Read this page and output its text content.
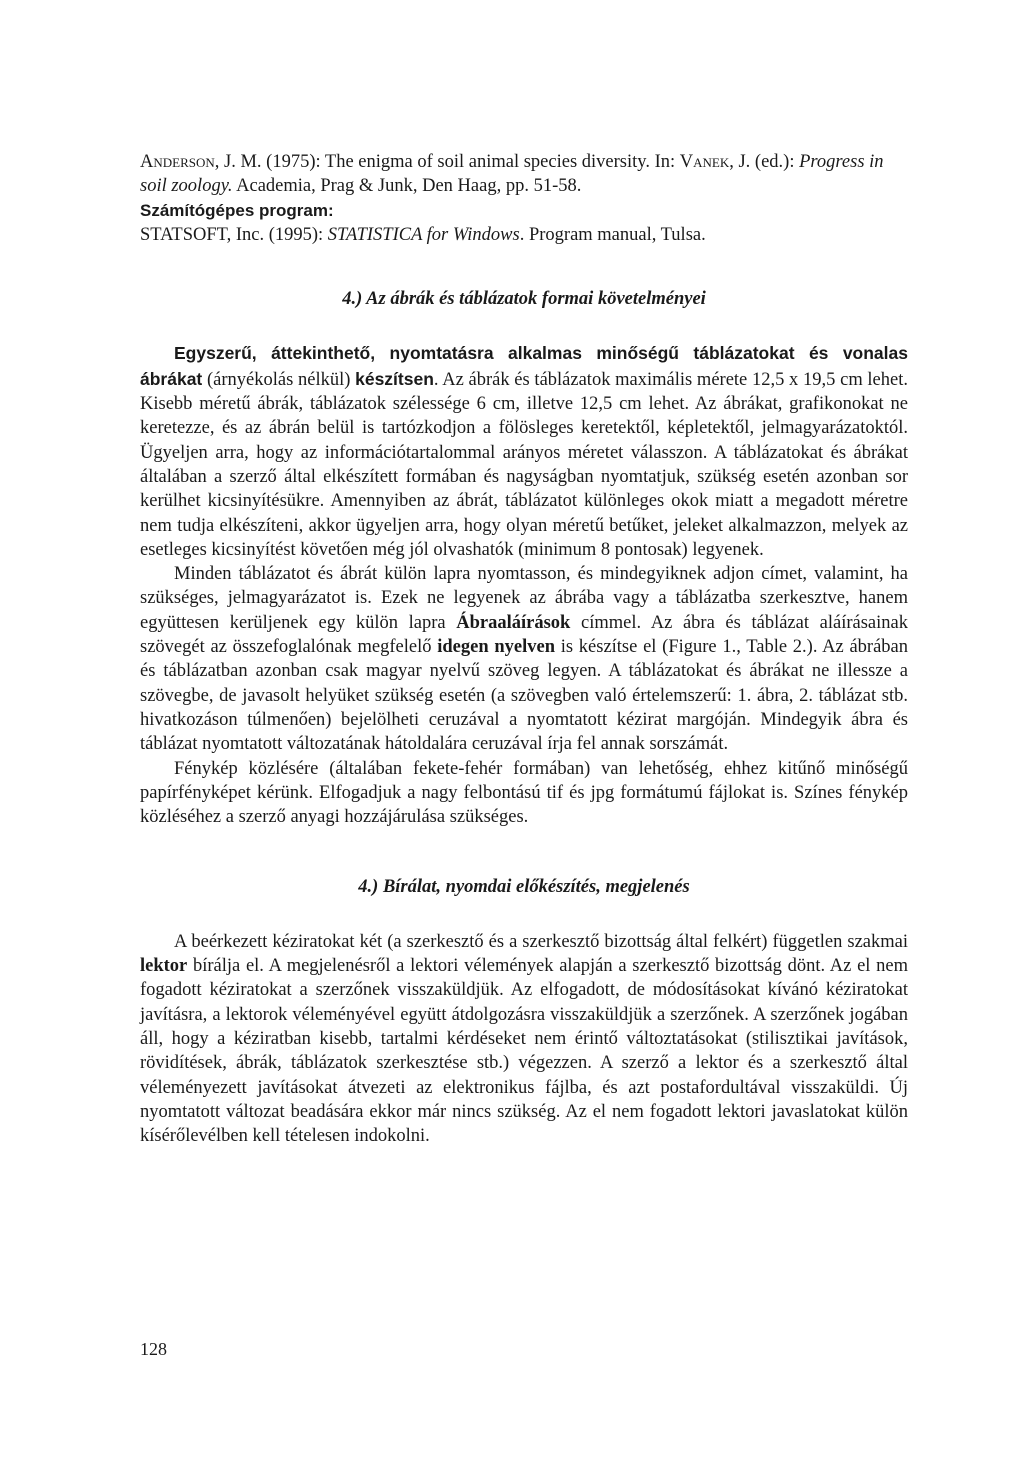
Anderson, J. M. (1975): The enigma of soil animal species diversity. In: Vanek, J. (ed.): Progress in soil zoology. Academia, Prag & Junk, Den Haag, pp. 51-58.

Számítógépes program:

STATSOFT, Inc. (1995): STATISTICA for Windows. Program manual, Tulsa.

4.) Az ábrák és táblázatok formai követelményei

Egyszerű, áttekinthető, nyomtatásra alkalmas minőségű táblázatokat és vonalas ábrákat (árnyékolás nélkül) készítsen. Az ábrák és táblázatok maximális mérete 12,5 x 19,5 cm lehet. Kisebb méretű ábrák, táblázatok szélessége 6 cm, illetve 12,5 cm lehet. Az ábrákat, grafikonokat ne keretezze, és az ábrán belül is tartózkodjon a fölösleges keretektől, képletektől, jelmagyarázatoktól. Ügyeljen arra, hogy az információtartalommal arányos méretet válasszon. A táblázatokat és ábrákat általában a szerző által elkészített formában és nagyságban nyomtatjuk, szükség esetén azonban sor kerülhet kicsinyítésükre. Amennyiben az ábrát, táblázatot különleges okok miatt a megadott méretre nem tudja elkészíteni, akkor ügyeljen arra, hogy olyan méretű betűket, jeleket alkalmazzon, melyek az esetleges kicsinyítést követően még jól olvashatók (minimum 8 pontosak) legyenek.

Minden táblázatot és ábrát külön lapra nyomtasson, és mindegyiknek adjon címet, valamint, ha szükséges, jelmagyarázatot is. Ezek ne legyenek az ábrába vagy a táblázatba szerkesztve, hanem együttesen kerüljenek egy külön lapra Ábraaláírások címmel. Az ábra és táblázat aláírásainak szövegét az összefoglalónak megfelelő idegen nyelven is készítse el (Figure 1., Table 2.). Az ábrában és táblázatban azonban csak magyar nyelvű szöveg legyen. A táblázatokat és ábrákat ne illessze a szövegbe, de javasolt helyüket szükség esetén (a szövegben való értelemszerű: 1. ábra, 2. táblázat stb. hivatkozáson túlmenően) bejelölheti ceruzával a nyomtatott kézirat margóján. Mindegyik ábra és táblázat nyomtatott változatának hátoldalára ceruzával írja fel annak sorszámát.

Fénykép közlésére (általában fekete-fehér formában) van lehetőség, ehhez kitűnő minőségű papírfényképet kérünk. Elfogadjuk a nagy felbontású tif és jpg formátumú fájlokat is. Színes fénykép közléséhez a szerző anyagi hozzájárulása szükséges.

4.) Bírálat, nyomdai előkészítés, megjelenés

A beérkezett kéziratokat két (a szerkesztő és a szerkesztő bizottság által felkért) független szakmai lektor bírálja el. A megjelenésről a lektori vélemények alapján a szerkesztő bizottság dönt. Az el nem fogadott kéziratokat a szerzőnek visszaküldjük. Az elfogadott, de módosításokat kívánó kéziratokat javításra, a lektorok véleményével együtt átdolgozásra visszaküldjük a szerzőnek. A szerzőnek jogában áll, hogy a kéziratban kisebb, tartalmi kérdéseket nem érintő változtatásokat (stilisztikai javítások, rövidítések, ábrák, táblázatok szerkesztése stb.) végezzen. A szerző a lektor és a szerkesztő által véleményezett javításokat átvezeti az elektronikus fájlba, és azt postafordultával visszaküldi. Új nyomtatott változat beadására ekkor már nincs szükség. Az el nem fogadott lektori javaslatokat külön kísérőlevélben kell tételesen indokolni.

128
